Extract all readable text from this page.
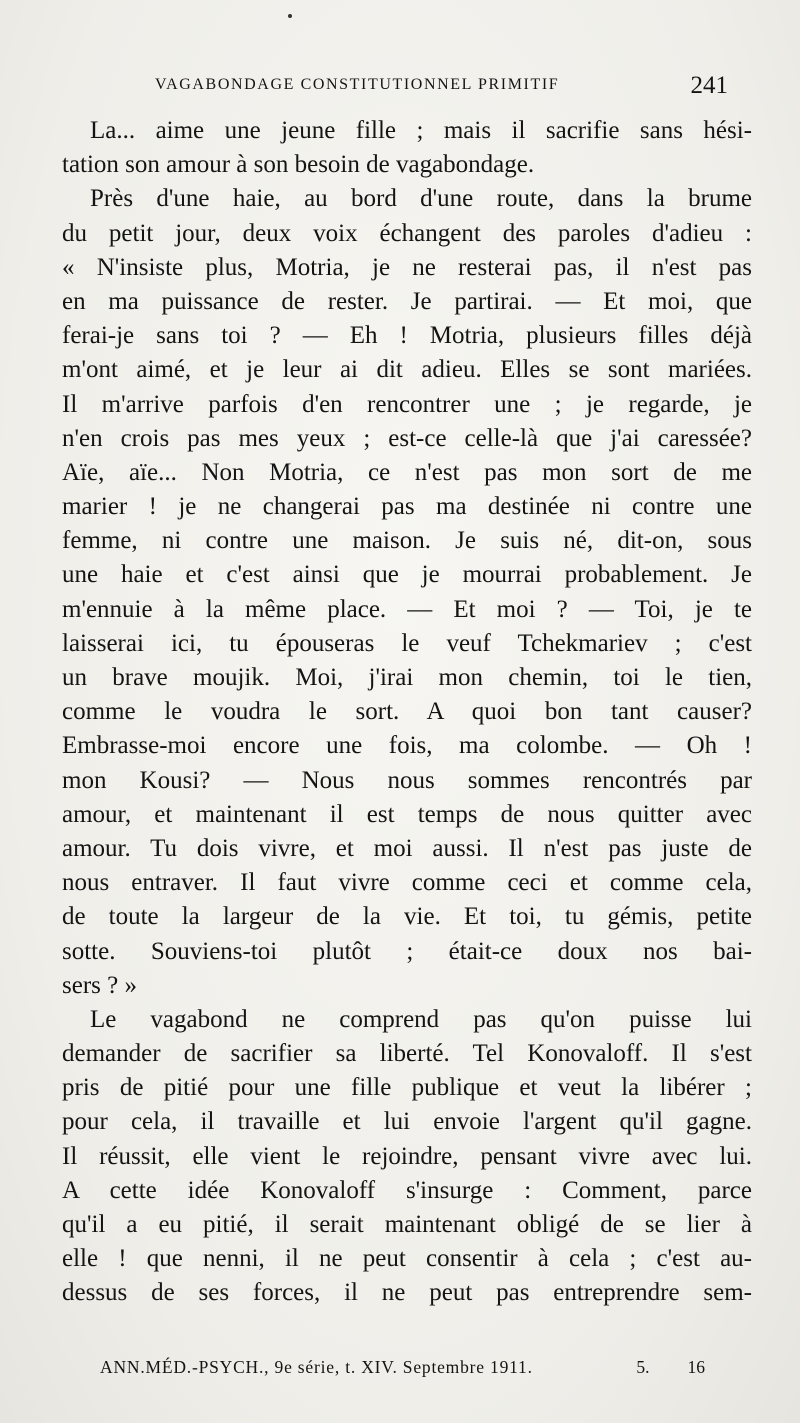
VAGABONDAGE CONSTITUTIONNEL PRIMITIF	241
La... aime une jeune fille ; mais il sacrifie sans hési-
tation son amour à son besoin de vagabondage.
Près d'une haie, au bord d'une route, dans la brume
du petit jour, deux voix échangent des paroles d'adieu :
« N'insiste plus, Motria, je ne resterai pas, il n'est pas
en ma puissance de rester. Je partirai. — Et moi, que
ferai-je sans toi ? — Eh ! Motria, plusieurs filles déjà
m'ont aimé, et je leur ai dit adieu. Elles se sont mariées.
Il m'arrive parfois d'en rencontrer une ; je regarde, je
n'en crois pas mes yeux ; est-ce celle-là que j'ai caressée?
Aïe, aïe... Non Motria, ce n'est pas mon sort de me
marier ! je ne changerai pas ma destinée ni contre une
femme, ni contre une maison. Je suis né, dit-on, sous
une haie et c'est ainsi que je mourrai probablement. Je
m'ennuie à la même place. — Et moi ? — Toi, je te
laisserai ici, tu épouseras le veuf Tchekmariev ; c'est
un brave moujik. Moi, j'irai mon chemin, toi le tien,
comme le voudra le sort. A quoi bon tant causer?
Embrasse-moi encore une fois, ma colombe. — Oh !
mon Kousi? — Nous nous sommes rencontrés par
amour, et maintenant il est temps de nous quitter avec
amour. Tu dois vivre, et moi aussi. Il n'est pas juste de
nous entraver. Il faut vivre comme ceci et comme cela,
de toute la largeur de la vie. Et toi, tu gémis, petite
sotte. Souviens-toi plutôt ; était-ce doux nos bai-
sers ? »
Le vagabond ne comprend pas qu'on puisse lui
demander de sacrifier sa liberté. Tel Konovaloff. Il s'est
pris de pitié pour une fille publique et veut la libérer ;
pour cela, il travaille et lui envoie l'argent qu'il gagne.
Il réussit, elle vient le rejoindre, pensant vivre avec lui.
A cette idée Konovaloff s'insurge : Comment, parce
qu'il a eu pitié, il serait maintenant obligé de se lier à
elle ! que nenni, il ne peut consentir à cela ; c'est au-
dessus de ses forces, il ne peut pas entreprendre sem-
ANN.MÉD.-PSYCH., 9e série, t. XIV. Septembre 1911.	5. 16
